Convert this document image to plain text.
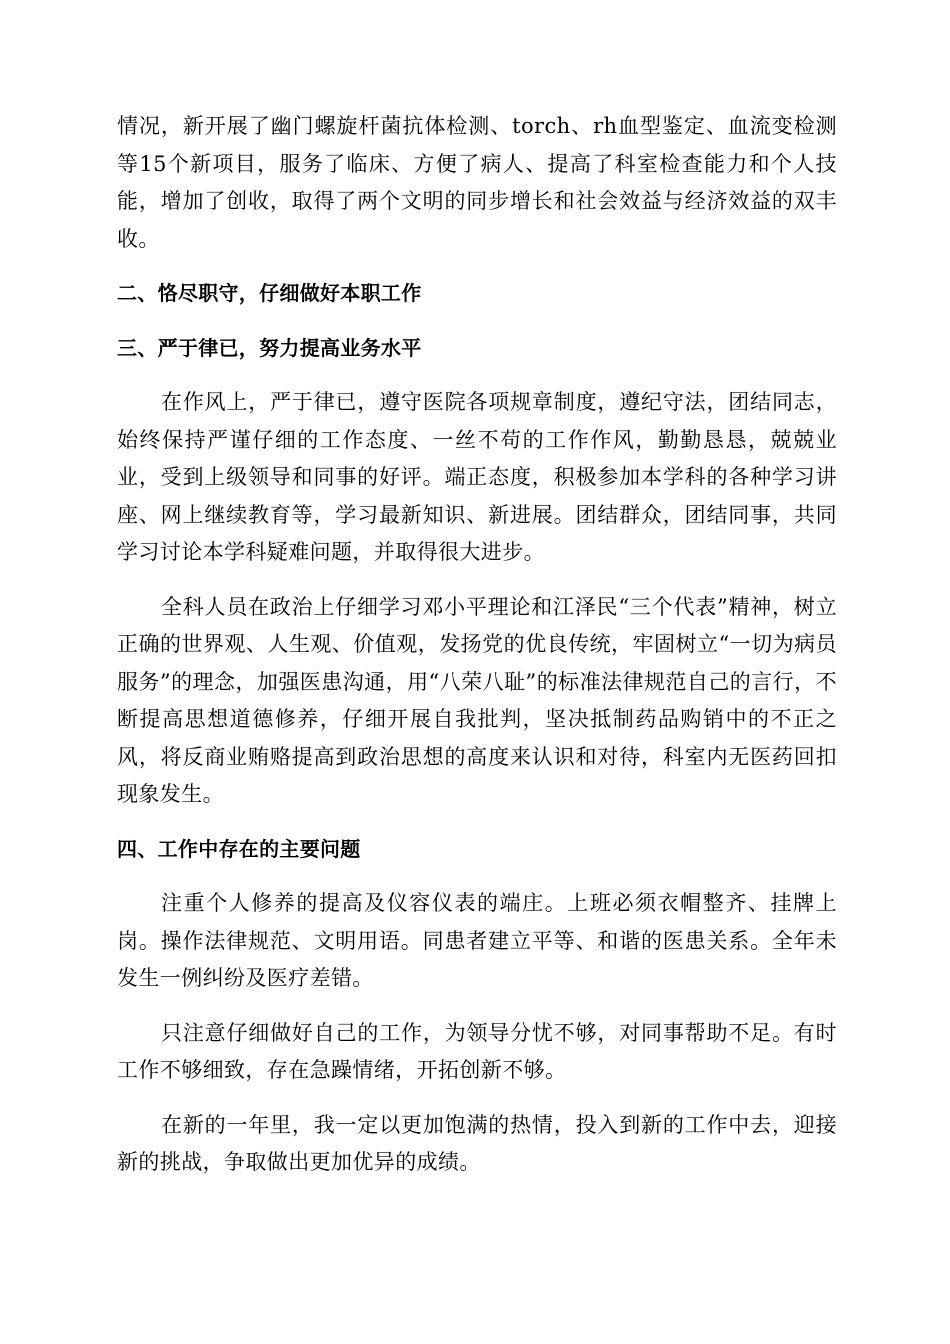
情况，新开展了幽门螺旋杆菌抗体检测、torch、rh血型鉴定、血流变检测等15个新项目，服务了临床、方便了病人、提高了科室检查能力和个人技能，增加了创收，取得了两个文明的同步增长和社会效益与经济效益的双丰收。

二、恪尽职守，仔细做好本职工作
三、严于律已，努力提高业务水平

在作风上，严于律已，遵守医院各项规章制度，遵纪守法，团结同志，始终保持严谨仔细的工作态度、一丝不苟的工作作风，勤勤恳恳，兢兢业业，受到上级领导和同事的好评。端正态度，积极参加本学科的各种学习讲座、网上继续教育等，学习最新知识、新进展。团结群众，团结同事，共同学习讨论本学科疑难问题，并取得很大进步。

全科人员在政治上仔细学习邓小平理论和江泽民“三个代表”精神，树立正确的世界观、人生观、价值观，发扬党的优良传统，牢固树立“一切为病员服务”的理念，加强医患沟通，用“八荣八耻”的标准法律规范自己的言行，不断提高思想道德修养，仔细开展自我批判，坚决抵制药品购销中的不正之风，将反商业贿赂提高到政治思想的高度来认识和对待，科室内无医药回扣现象发生。

四、工作中存在的主要问题

注重个人修养的提高及仪容仪表的端庄。上班必须衣帽整齐、挂牌上岗。操作法律规范、文明用语。同患者建立平等、和谐的医患关系。全年未发生一例纠纷及医疗差错。

只注意仔细做好自己的工作，为领导分忧不够，对同事帮助不足。有时工作不够细致，存在急躁情绪，开拓创新不够。

在新的一年里，我一定以更加饱满的热情，投入到新的工作中去，迎接新的挑战，争取做出更加优异的成绩。
